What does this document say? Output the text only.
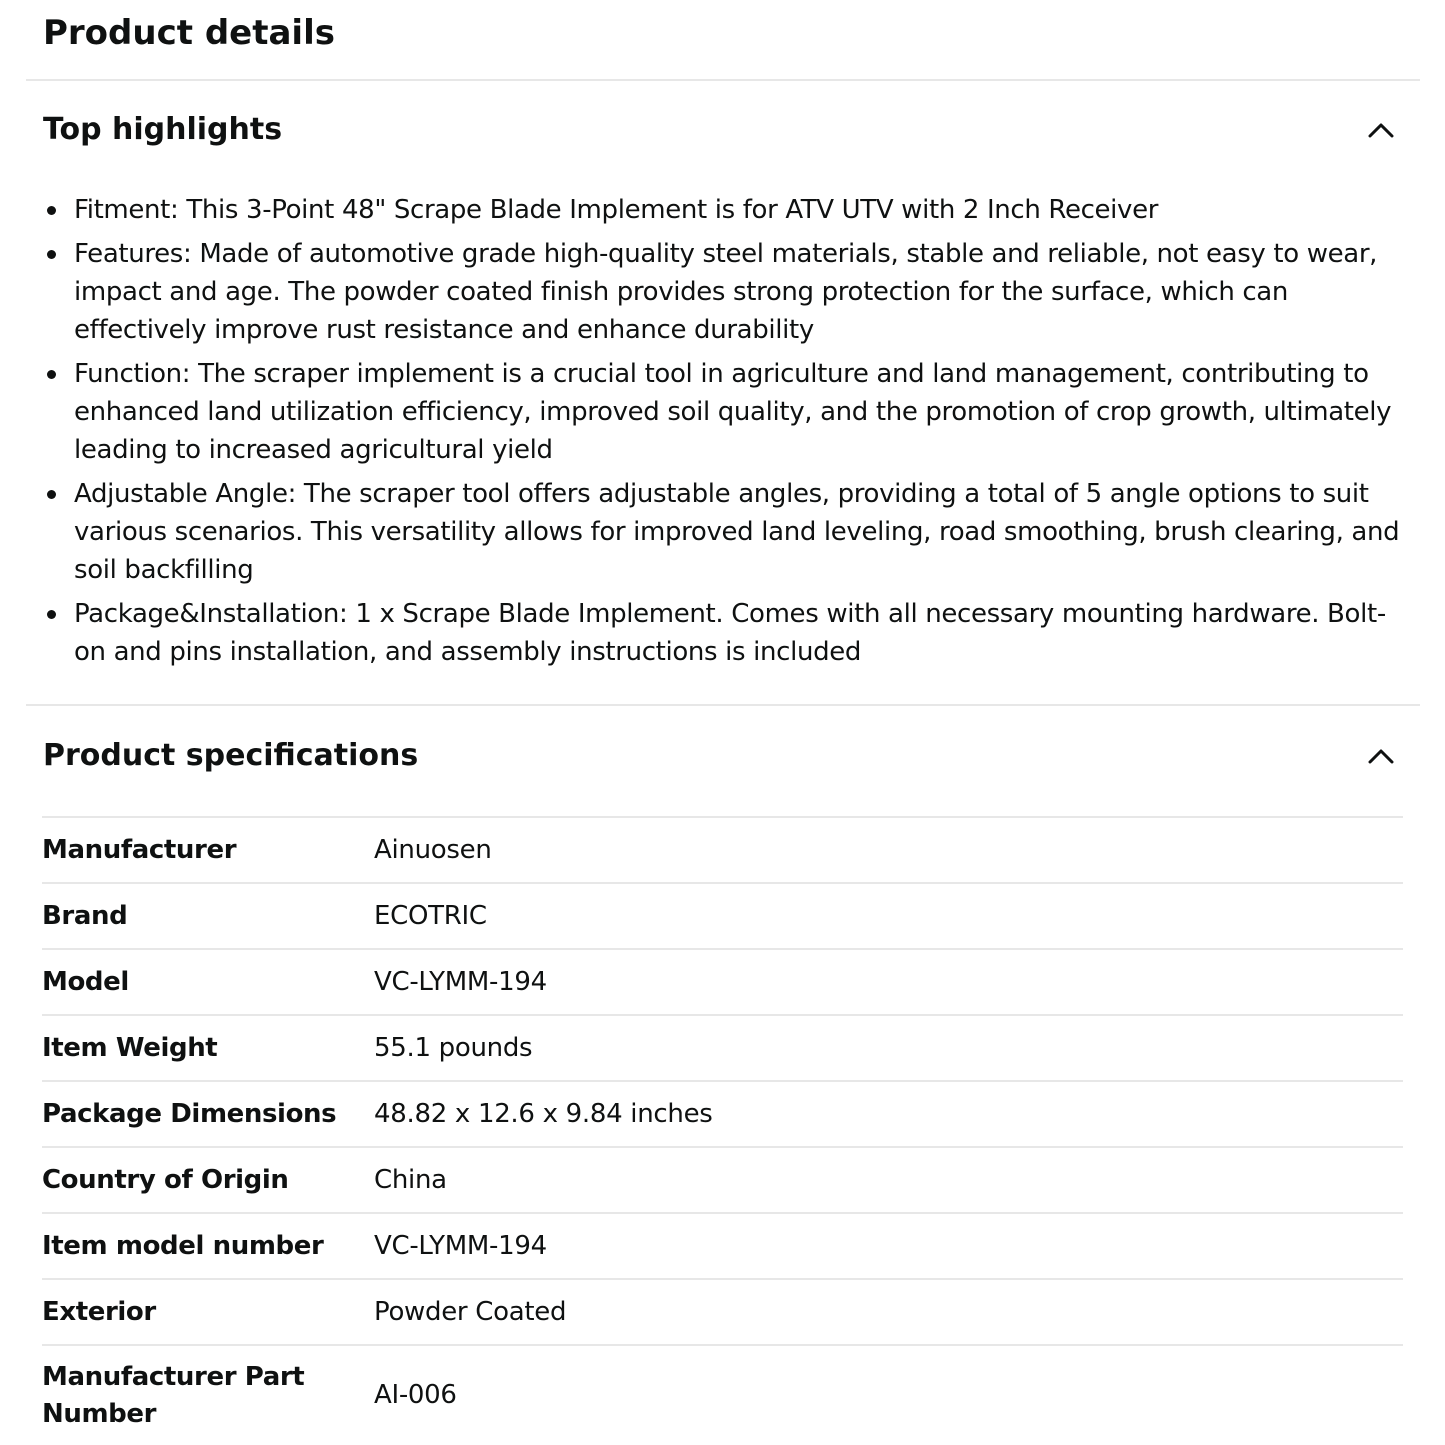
Product details
Top highlights
Fitment: This 3-Point 48" Scrape Blade Implement is for ATV UTV with 2 Inch Receiver
Features: Made of automotive grade high-quality steel materials, stable and reliable, not easy to wear, impact and age. The powder coated finish provides strong protection for the surface, which can effectively improve rust resistance and enhance durability
Function: The scraper implement is a crucial tool in agriculture and land management, contributing to enhanced land utilization efficiency, improved soil quality, and the promotion of crop growth, ultimately leading to increased agricultural yield
Adjustable Angle: The scraper tool offers adjustable angles, providing a total of 5 angle options to suit various scenarios. This versatility allows for improved land leveling, road smoothing, brush clearing, and soil backfilling
Package&Installation: 1 x Scrape Blade Implement. Comes with all necessary mounting hardware. Bolt-on and pins installation, and assembly instructions is included
Product specifications
Manufacturer	Ainuosen
Brand	ECOTRIC
Model	VC-LYMM-194
Item Weight	55.1 pounds
Package Dimensions	48.82 x 12.6 x 9.84 inches
Country of Origin	China
Item model number	VC-LYMM-194
Exterior	Powder Coated
Manufacturer Part Number	AI-006
